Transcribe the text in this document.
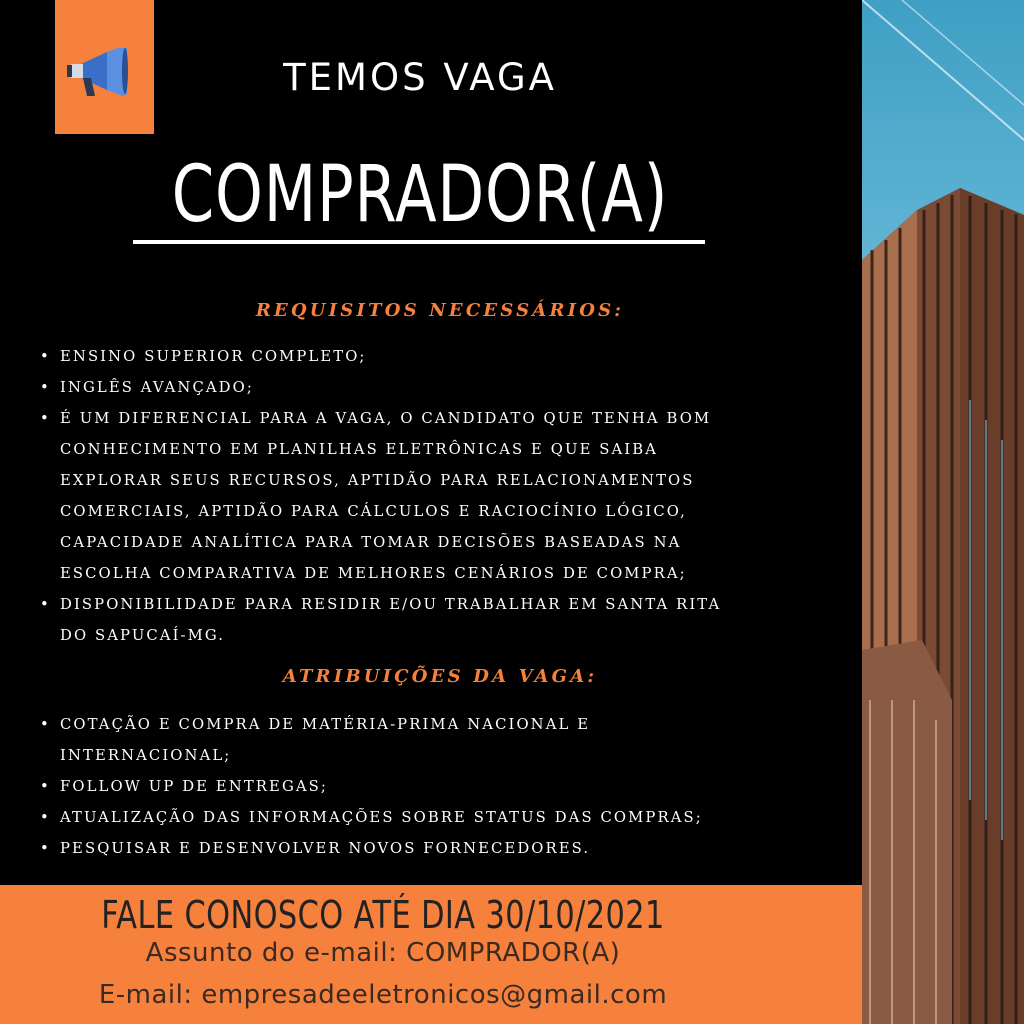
TEMOS VAGA
COMPRADOR(A)
REQUISITOS NECESSÁRIOS:
• ENSINO SUPERIOR COMPLETO;
• INGLÊS AVANÇADO;
• É UM DIFERENCIAL PARA A VAGA, O CANDIDATO QUE TENHA BOM
CONHECIMENTO EM PLANILHAS ELETRÔNICAS E QUE SAIBA
EXPLORAR SEUS RECURSOS, APTIDÃO PARA RELACIONAMENTOS
COMERCIAIS, APTIDÃO PARA CÁLCULOS E RACIOCÍNIO LÓGICO,
CAPACIDADE ANALÍTICA PARA TOMAR DECISÕES BASEADAS NA
ESCOLHA COMPARATIVA DE MELHORES CENÁRIOS DE COMPRA;
• DISPONIBILIDADE PARA RESIDIR E/OU TRABALHAR EM SANTA RITA
DO SAPUCAÍ-MG.
ATRIBUIÇÕES DA VAGA:
• COTAÇÃO E COMPRA DE MATÉRIA-PRIMA NACIONAL E
INTERNACIONAL;
• FOLLOW UP DE ENTREGAS;
• ATUALIZAÇÃO DAS INFORMAÇÕES SOBRE STATUS DAS COMPRAS;
• PESQUISAR E DESENVOLVER NOVOS FORNECEDORES.
FALE CONOSCO ATÉ DIA 30/10/2021
Assunto do e-mail: COMPRADOR(A)
E-mail: empresadeeletronicos@gmail.com
